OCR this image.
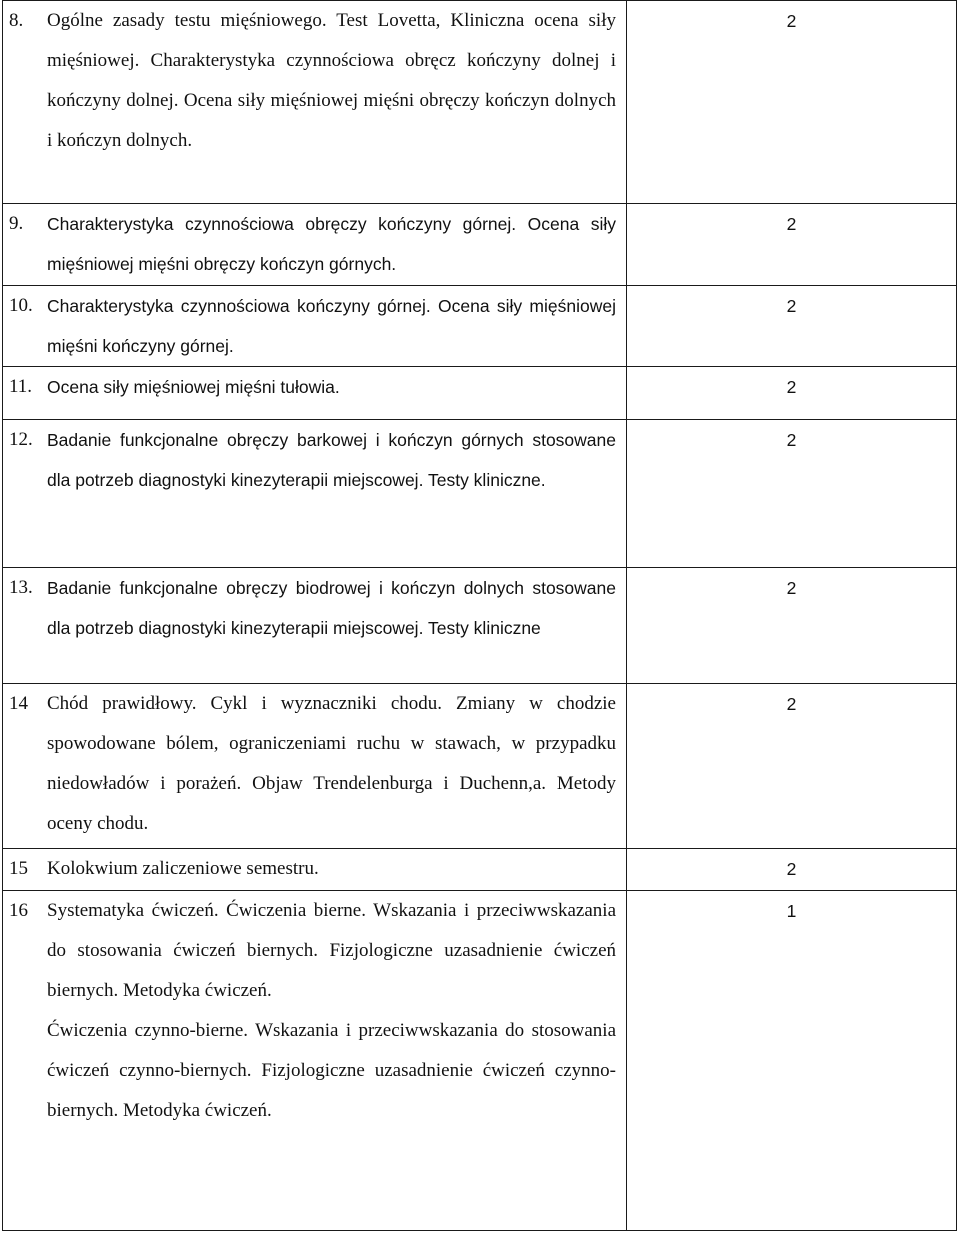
8. Ogólne zasady testu mięśniowego. Test Lovetta, Kliniczna ocena siły mięśniowej. Charakterystyka czynnościowa obręcz kończyny dolnej i kończyny dolnej. Ocena siły mięśniowej mięśni obręczy kończyn dolnych i kończyn dolnych.	2

9. Charakterystyka czynnościowa obręczy kończyny górnej. Ocena siły mięśniowej mięśni obręczy kończyn górnych.	2

10. Charakterystyka czynnościowa kończyny górnej. Ocena siły mięśniowej mięśni kończyny górnej.	2

11. Ocena siły mięśniowej mięśni tułowia.	2

12. Badanie funkcjonalne obręczy barkowej i kończyn górnych stosowane dla potrzeb diagnostyki kinezyterapii miejscowej. Testy kliniczne.	2

13. Badanie funkcjonalne obręczy biodrowej i kończyn dolnych stosowane dla potrzeb diagnostyki kinezyterapii miejscowej. Testy kliniczne	2

14 Chód prawidłowy. Cykl i wyznaczniki chodu. Zmiany w chodzie spowodowane bólem, ograniczeniami ruchu w stawach, w przypadku niedowładów i porażeń. Objaw Trendelenburga i Duchenn,a. Metody oceny chodu.	2

15 Kolokwium zaliczeniowe semestru.	2

16 Systematyka ćwiczeń. Ćwiczenia bierne. Wskazania i przeciwwskazania do stosowania ćwiczeń biernych. Fizjologiczne uzasadnienie ćwiczeń biernych. Metodyka ćwiczeń.

Ćwiczenia czynno-bierne. Wskazania i przeciwwskazania do stosowania ćwiczeń czynno-biernych. Fizjologiczne uzasadnienie ćwiczeń czynno-biernych. Metodyka ćwiczeń.	1
